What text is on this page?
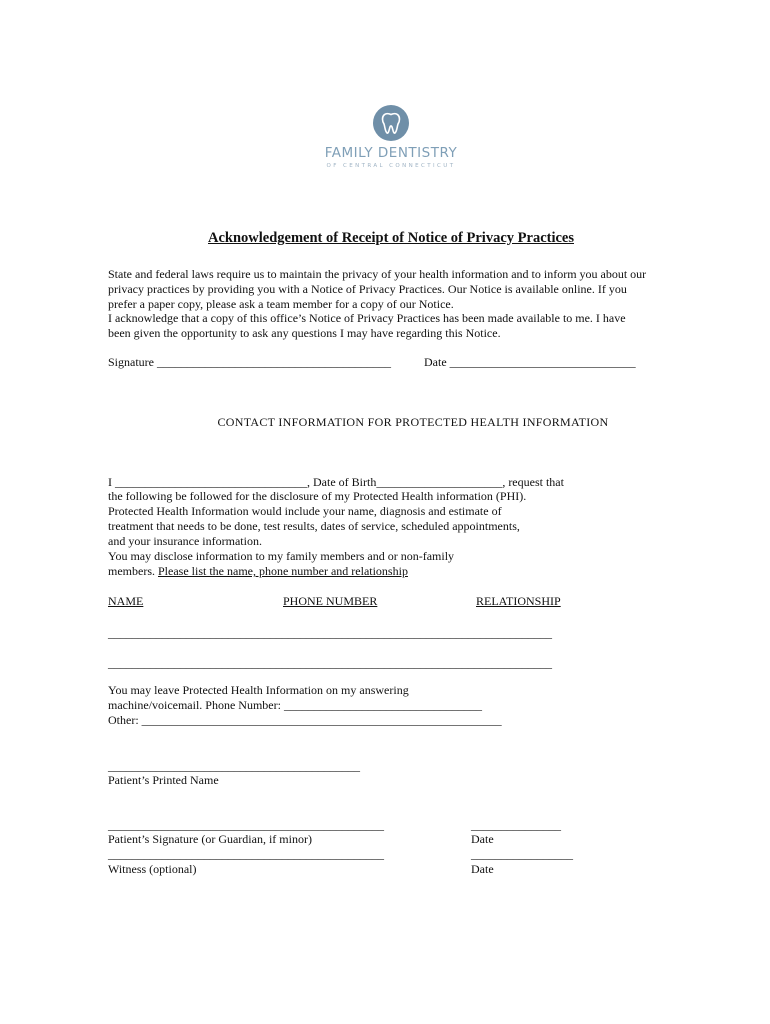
FAMILY DENTISTRY
OF CENTRAL CONNECTICUT
Acknowledgement of Receipt of Notice of Privacy Practices
State and federal laws require us to maintain the privacy of your health information and to inform you about our
privacy practices by providing you with a Notice of Privacy Practices. Our Notice is available online. If you
prefer a paper copy, please ask a team member for a copy of our Notice.
I acknowledge that a copy of this office’s Notice of Privacy Practices has been made available to me. I have
been given the opportunity to ask any questions I may have regarding this Notice.
Signature _______________________________________	Date _______________________________
CONTACT INFORMATION FOR PROTECTED HEALTH INFORMATION
I ________________________________, Date of Birth_____________________, request that
the following be followed for the disclosure of my Protected Health information (PHI).
Protected Health Information would include your name, diagnosis and estimate of
treatment that needs to be done, test results, dates of service, scheduled appointments,
and your insurance information.
You may disclose information to my family members and or non-family
members. Please list the name, phone number and relationship
NAME	PHONE NUMBER	RELATIONSHIP
__________________________________________________________________________
__________________________________________________________________________
You may leave Protected Health Information on my answering
machine/voicemail. Phone Number: _________________________________
Other: ____________________________________________________________
__________________________________________
Patient’s Printed Name
______________________________________________	_______________
Patient’s Signature (or Guardian, if minor)	Date
______________________________________________	_________________
Witness (optional)	Date
